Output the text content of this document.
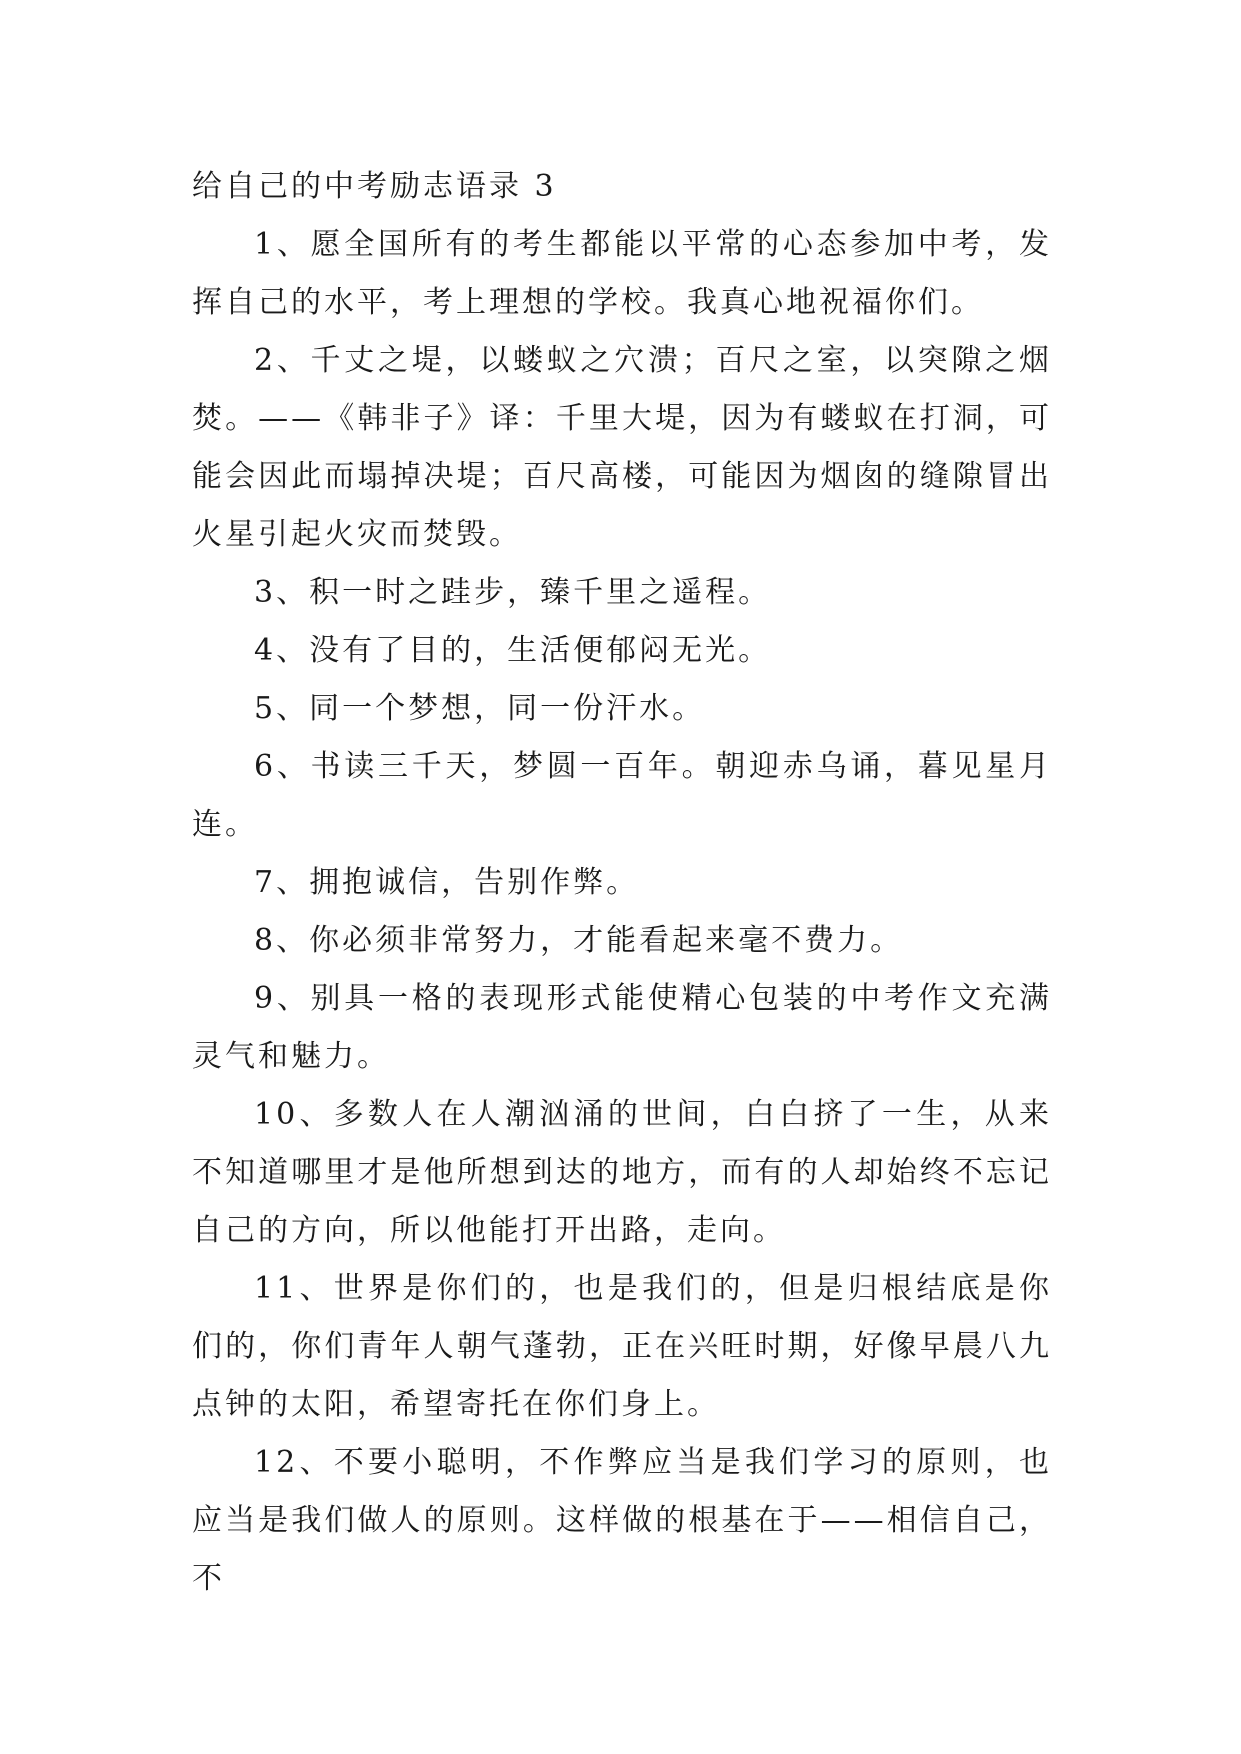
给自己的中考励志语录 3

1、愿全国所有的考生都能以平常的心态参加中考，发挥自己的水平，考上理想的学校。我真心地祝福你们。

2、千丈之堤，以蝼蚁之穴溃；百尺之室，以突隙之烟焚。——《韩非子》译：千里大堤，因为有蝼蚁在打洞，可能会因此而塌掉决堤；百尺高楼，可能因为烟囱的缝隙冒出火星引起火灾而焚毁。

3、积一时之跬步，臻千里之遥程。

4、没有了目的，生活便郁闷无光。

5、同一个梦想，同一份汗水。

6、书读三千天，梦圆一百年。朝迎赤乌诵，暮见星月连。

7、拥抱诚信，告别作弊。

8、你必须非常努力，才能看起来毫不费力。

9、别具一格的表现形式能使精心包装的中考作文充满灵气和魅力。

10、多数人在人潮汹涌的世间，白白挤了一生，从来不知道哪里才是他所想到达的地方，而有的人却始终不忘记自己的方向，所以他能打开出路，走向。

11、世界是你们的，也是我们的，但是归根结底是你们的，你们青年人朝气蓬勃，正在兴旺时期，好像早晨八九点钟的太阳，希望寄托在你们身上。

12、不要小聪明，不作弊应当是我们学习的原则，也应当是我们做人的原则。这样做的根基在于——相信自己，不
